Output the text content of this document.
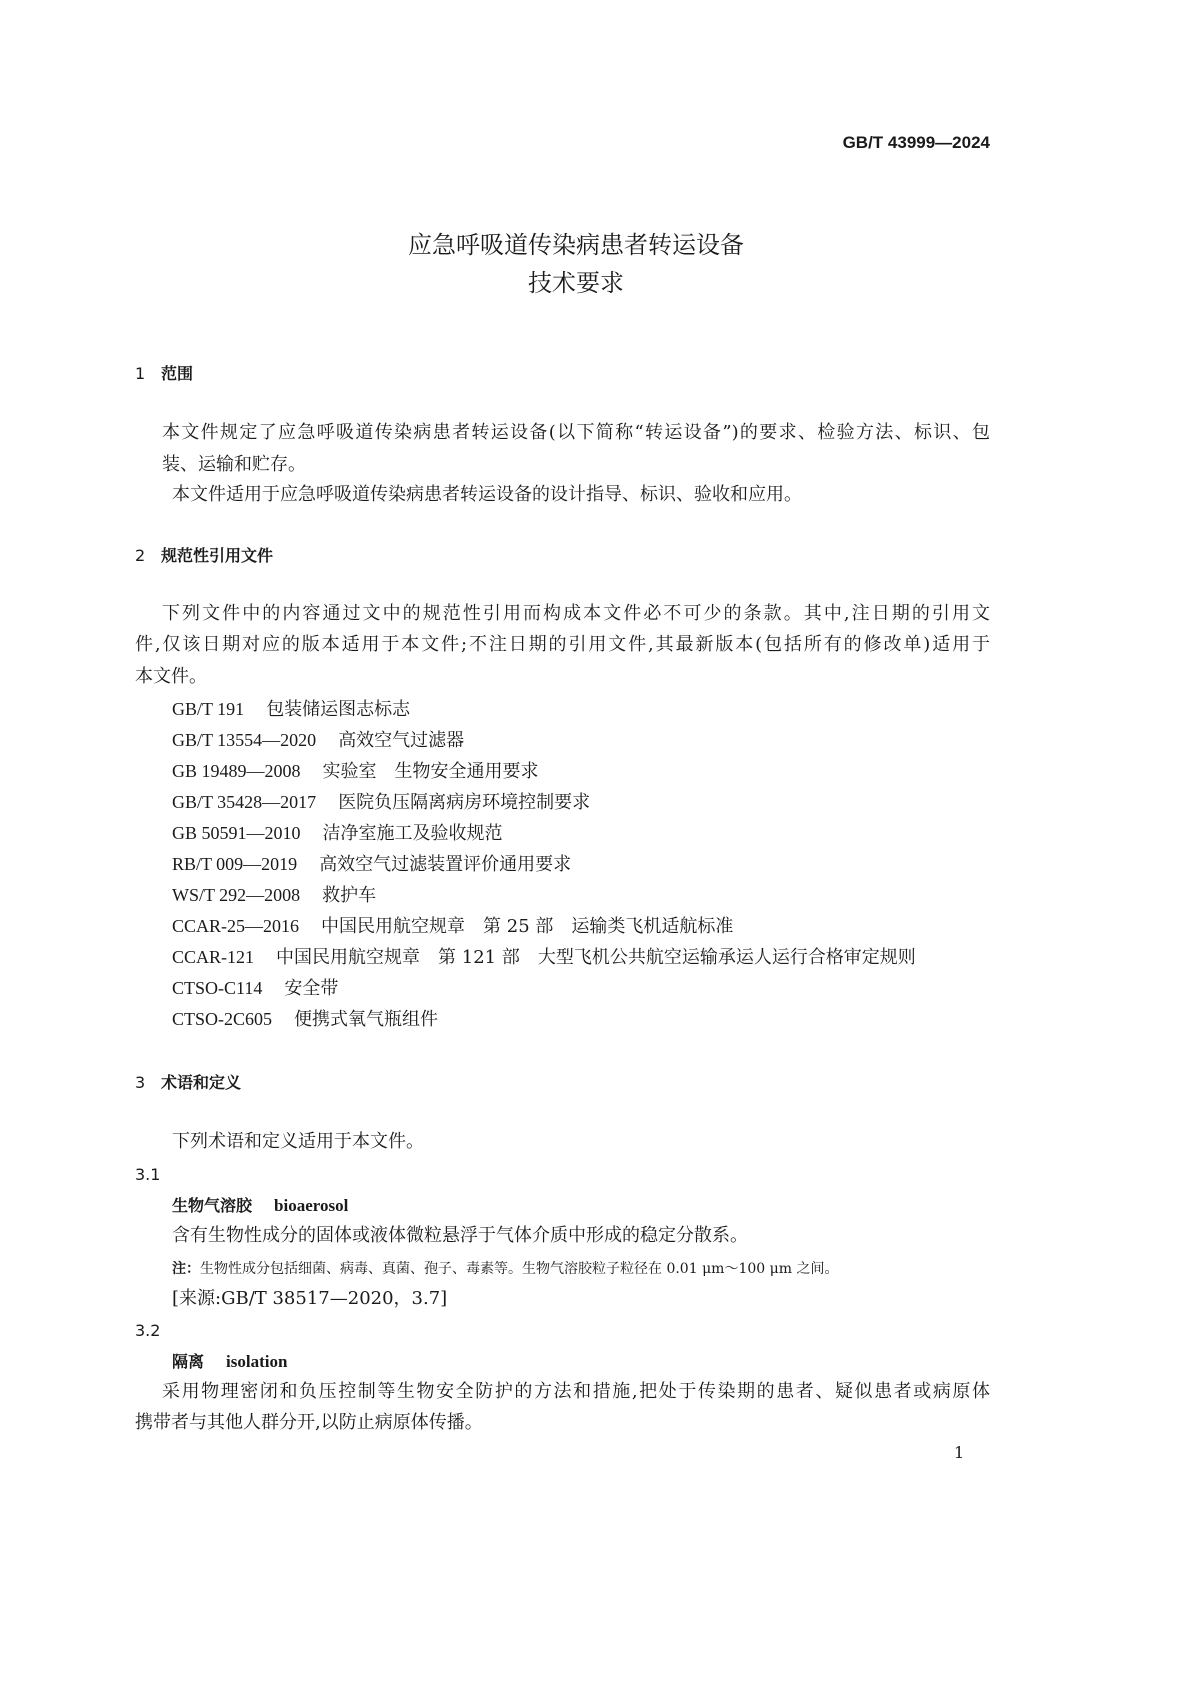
GB/T 43999—2024
应急呼吸道传染病患者转运设备
技术要求
1 范围
本文件规定了应急呼吸道传染病患者转运设备(以下简称“转运设备”)的要求、检验方法、标识、包
装、运输和贮存。
本文件适用于应急呼吸道传染病患者转运设备的设计指导、标识、验收和应用。
2 规范性引用文件
下列文件中的内容通过文中的规范性引用而构成本文件必不可少的条款。其中,注日期的引用文
件,仅该日期对应的版本适用于本文件;不注日期的引用文件,其最新版本(包括所有的修改单)适用于
本文件。
GB/T 191 包装储运图志标志
GB/T 13554—2020 高效空气过滤器
GB 19489—2008 实验室　生物安全通用要求
GB/T 35428—2017 医院负压隔离病房环境控制要求
GB 50591—2010 洁净室施工及验收规范
RB/T 009—2019 高效空气过滤装置评价通用要求
WS/T 292—2008 救护车
CCAR-25—2016 中国民用航空规章　第 25 部　运输类飞机适航标准
CCAR-121 中国民用航空规章　第 121 部　大型飞机公共航空运输承运人运行合格审定规则
CTSO-C114 安全带
CTSO-2C605 便携式氧气瓶组件
3 术语和定义
下列术语和定义适用于本文件。
3.1
生物气溶胶 bioaerosol
含有生物性成分的固体或液体微粒悬浮于气体介质中形成的稳定分散系。
注：生物性成分包括细菌、病毒、真菌、孢子、毒素等。生物气溶胶粒子粒径在 0.01 μm～100 μm 之间。
[来源:GB/T 38517—2020，3.7]
3.2
隔离 isolation
采用物理密闭和负压控制等生物安全防护的方法和措施,把处于传染期的患者、疑似患者或病原体
携带者与其他人群分开,以防止病原体传播。
1
